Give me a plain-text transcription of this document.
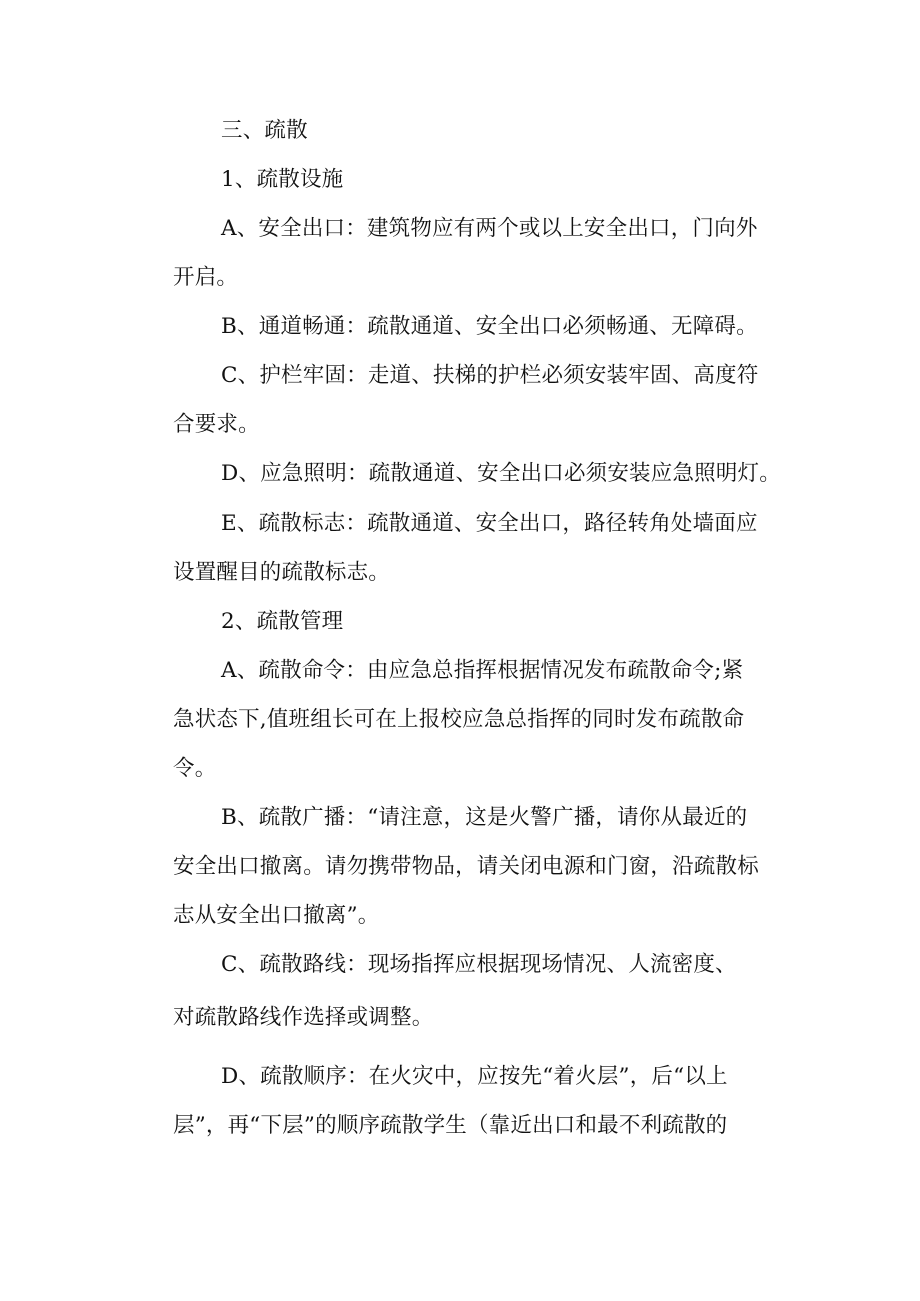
三、疏散
1、疏散设施
A、安全出口：建筑物应有两个或以上安全出口，门向外
开启。
B、通道畅通：疏散通道、安全出口必须畅通、无障碍。
C、护栏牢固：走道、扶梯的护栏必须安装牢固、高度符
合要求。
D、应急照明：疏散通道、安全出口必须安装应急照明灯。
E、疏散标志：疏散通道、安全出口，路径转角处墙面应
设置醒目的疏散标志。
2、疏散管理
A、疏散命令：由应急总指挥根据情况发布疏散命令;紧
急状态下,值班组长可在上报校应急总指挥的同时发布疏散命
令。
B、疏散广播：“请注意，这是火警广播，请你从最近的
安全出口撤离。请勿携带物品，请关闭电源和门窗，沿疏散标
志从安全出口撤离”。
C、疏散路线：现场指挥应根据现场情况、人流密度、
对疏散路线作选择或调整。
D、疏散顺序：在火灾中，应按先“着火层”，后“以上
层”，再“下层”的顺序疏散学生（靠近出口和最不利疏散的
